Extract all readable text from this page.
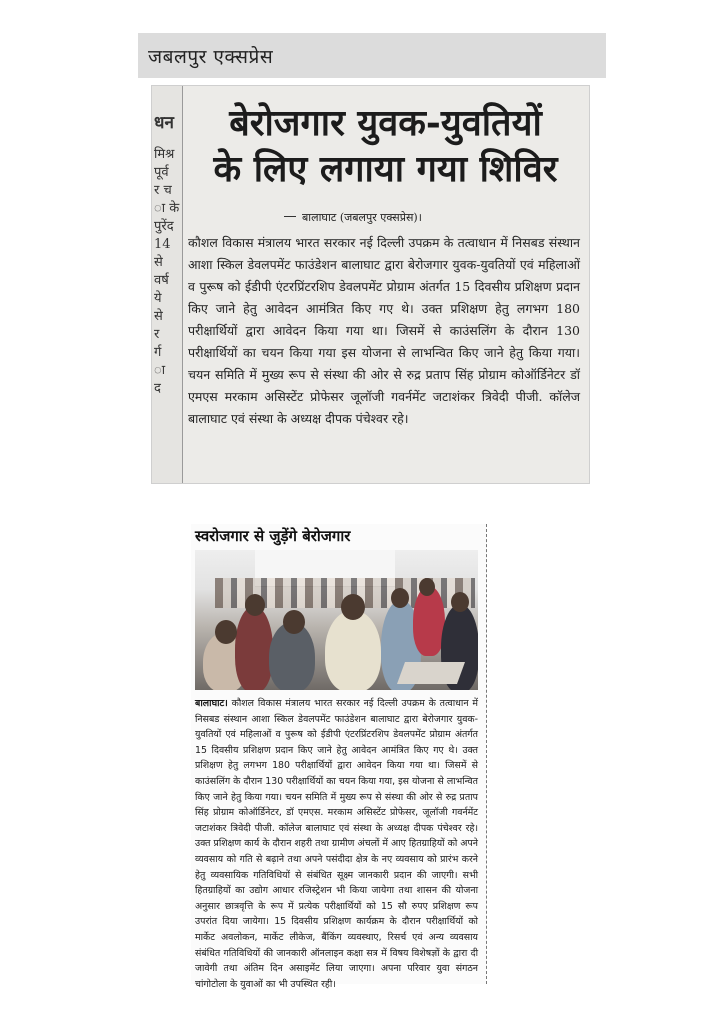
जबलपुर एक्सप्रेस
धन
मिश्र
पूर्व
र च
ा के
पुरेंद
14
से
वर्ष
ये
से
र
र्ग
ा
द
बेरोजगार युवक-युवतियों
के लिए लगाया गया शिविर
बालाघाट (जबलपुर एक्सप्रेस)।
कौशल विकास मंत्रालय भारत सरकार नई दिल्ली उपक्रम के तत्वाधान में निसबड संस्थान आशा स्किल डेवलपमेंट फाउंडेशन बालाघाट द्वारा बेरोजगार युवक-युवतियों एवं महिलाओं व पुरूष को ईडीपी एंटरप्रिंटरशिप डेवलपमेंट प्रोग्राम अंतर्गत 15 दिवसीय प्रशिक्षण प्रदान किए जाने हेतु आवेदन आमंत्रित किए गए थे। उक्त प्रशिक्षण हेतु लगभग 180 परीक्षार्थियों द्वारा आवेदन किया गया था। जिसमें से काउंसलिंग के दौरान 130 परीक्षार्थियों का चयन किया गया इस योजना से लाभन्वित किए जाने हेतु किया गया। चयन समिति में मुख्य रूप से संस्था की ओर से रुद्र प्रताप सिंह प्रोग्राम कोऑर्डिनेटर डॉ एमएस मरकाम असिस्टेंट प्रोफेसर जूलॉजी गवर्नमेंट जटाशंकर त्रिवेदी पीजी. कॉलेज बालाघाट एवं संस्था के अध्यक्ष दीपक पंचेश्वर रहे।
स्वरोजगार से जुड़ेंगे बेरोजगार
बालाघाट। कौशल विकास मंत्रालय भारत सरकार नई दिल्ली उपक्रम के तत्वाधान में निसबड संस्थान आशा स्किल डेवलपमेंट फाउंडेशन बालाघाट द्वारा बेरोजगार युवक-युवतियों एवं महिलाओं व पुरूष को ईडीपी एंटरप्रिंटरशिप डेवलपमेंट प्रोग्राम अंतर्गत 15 दिवसीय प्रशिक्षण प्रदान किए जाने हेतु आवेदन आमंत्रित किए गए थे। उक्त प्रशिक्षण हेतु लगभग 180 परीक्षार्थियों द्वारा आवेदन किया गया था। जिसमें से काउंसलिंग के दौरान 130 परीक्षार्थियों का चयन किया गया, इस योजना से लाभन्वित किए जाने हेतु किया गया। चयन समिति में मुख्य रूप से संस्था की ओर से रुद्र प्रताप सिंह प्रोग्राम कोऑर्डिनेटर, डॉ एमएस. मरकाम असिस्टेंट प्रोफेसर, जूलॉजी गवर्नमेंट जटाशंकर त्रिवेदी पीजी. कॉलेज बालाघाट एवं संस्था के अध्यक्ष दीपक पंचेश्वर रहे। उक्त प्रशिक्षण कार्य के दौरान शहरी तथा ग्रामीण अंचलों में आए हितग्राहियों को अपने व्यवसाय को गति से बढ़ाने तथा अपने पसंदीदा क्षेत्र के नए व्यवसाय को प्रारंभ करने हेतु व्यवसायिक गतिविधियों से संबंधित सूक्ष्म जानकारी प्रदान की जाएगी। सभी हितग्राहियों का उद्योग आधार रजिस्ट्रेशन भी किया जायेगा तथा शासन की योजना अनुसार छात्रवृत्ति के रूप में प्रत्येक परीक्षार्थियों को 15 सौ रुपए प्रशिक्षण रूप उपरांत दिया जायेगा। 15 दिवसीय प्रशिक्षण कार्यक्रम के दौरान परीक्षार्थियों को मार्केट अवलोकन, मार्केट लीकेज, बैंकिंग व्यवस्थाए, रिसर्च एवं अन्य व्यवसाय संबंधित गतिविधियों की जानकारी ऑनलाइन कक्षा सत्र में विषय विशेषज्ञों के द्वारा दी जावेगी तथा अंतिम दिन असाइमेंट लिया जाएगा। अपना परिवार युवा संगठन चांगोटोला के युवाओं का भी उपस्थित रही।
